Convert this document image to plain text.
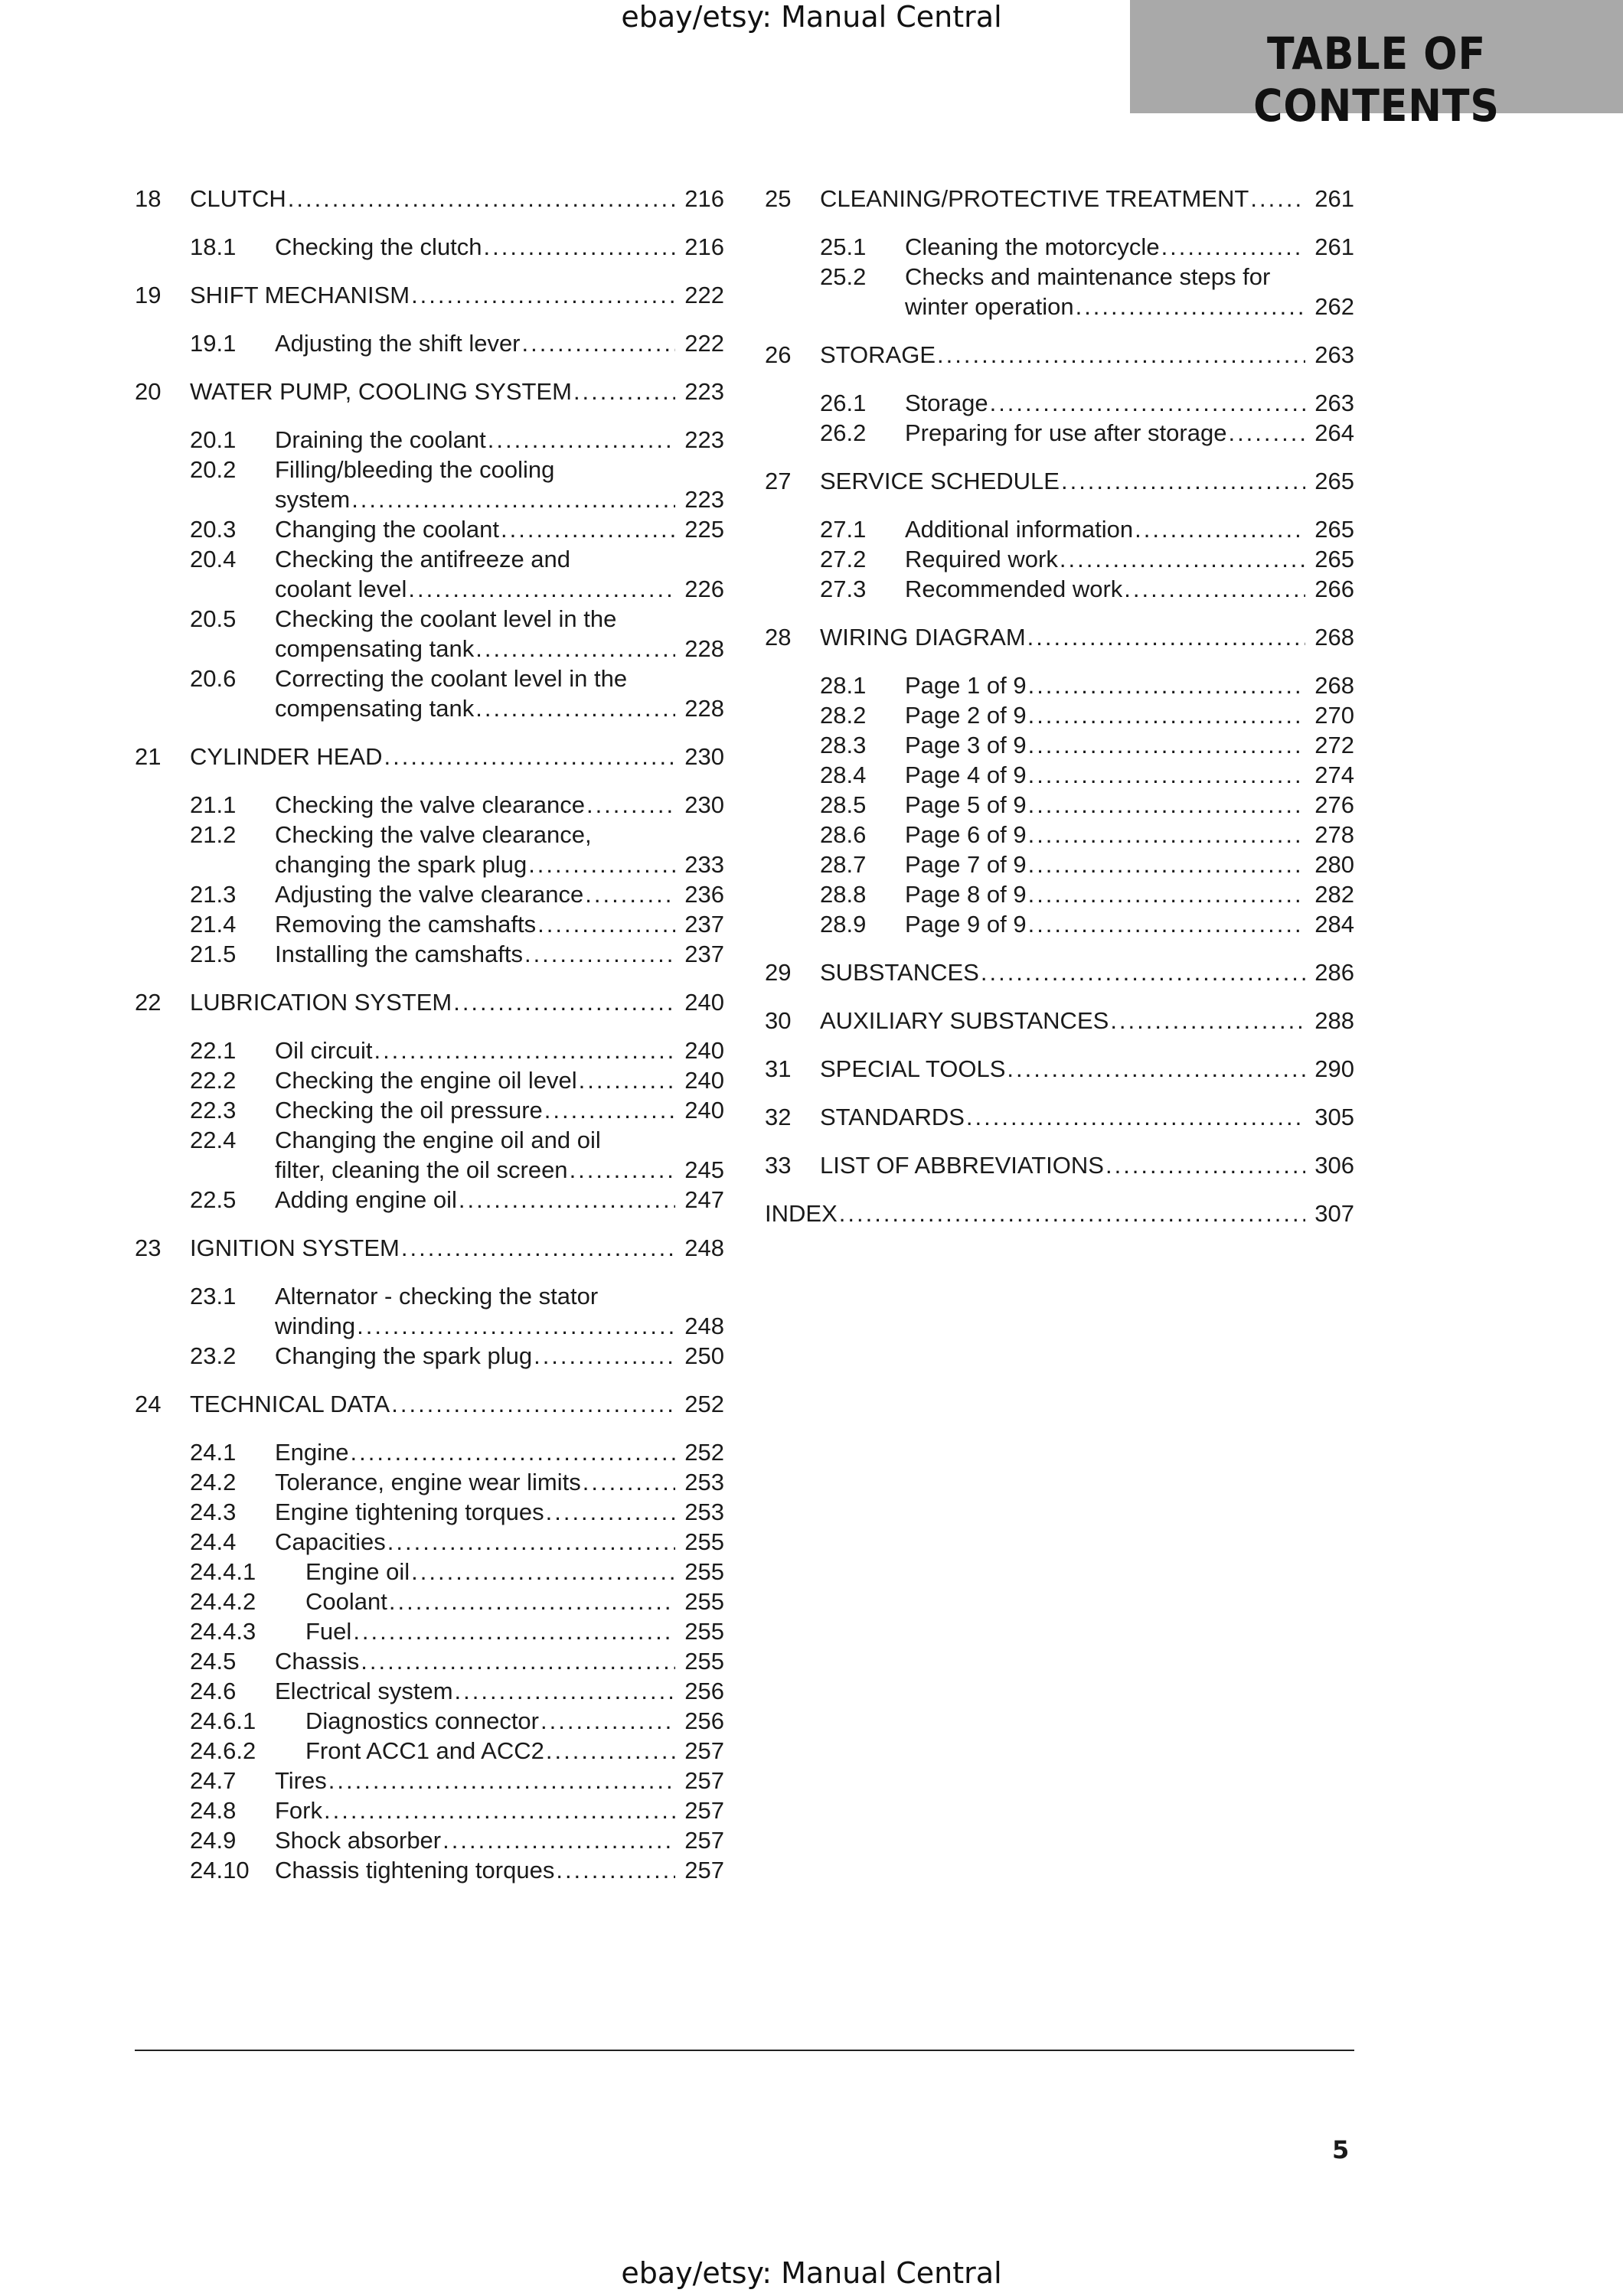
ebay/etsy: Manual Central
TABLE OF CONTENTS
18 CLUTCH .....	216
18.1 Checking the clutch .....	216
19 SHIFT MECHANISM .....	222
19.1 Adjusting the shift lever .....	222
20 WATER PUMP, COOLING SYSTEM .....	223
20.1 Draining the coolant .....	223
20.2 Filling/bleeding the cooling
system .....	223
20.3 Changing the coolant .....	225
20.4 Checking the antifreeze and
coolant level .....	226
20.5 Checking the coolant level in the
compensating tank .....	228
20.6 Correcting the coolant level in the
compensating tank .....	228
21 CYLINDER HEAD .....	230
21.1 Checking the valve clearance .....	230
21.2 Checking the valve clearance,
changing the spark plug .....	233
21.3 Adjusting the valve clearance .....	236
21.4 Removing the camshafts .....	237
21.5 Installing the camshafts .....	237
22 LUBRICATION SYSTEM .....	240
22.1 Oil circuit .....	240
22.2 Checking the engine oil level .....	240
22.3 Checking the oil pressure .....	240
22.4 Changing the engine oil and oil
filter, cleaning the oil screen .....	245
22.5 Adding engine oil .....	247
23 IGNITION SYSTEM .....	248
23.1 Alternator - checking the stator
winding .....	248
23.2 Changing the spark plug .....	250
24 TECHNICAL DATA .....	252
24.1 Engine .....	252
24.2 Tolerance, engine wear limits .....	253
24.3 Engine tightening torques .....	253
24.4 Capacities .....	255
24.4.1 Engine oil .....	255
24.4.2 Coolant .....	255
24.4.3 Fuel .....	255
24.5 Chassis .....	255
24.6 Electrical system .....	256
24.6.1 Diagnostics connector .....	256
24.6.2 Front ACC1 and ACC2 .....	257
24.7 Tires .....	257
24.8 Fork .....	257
24.9 Shock absorber .....	257
24.10 Chassis tightening torques .....	257
25 CLEANING/PROTECTIVE TREATMENT .....	261
25.1 Cleaning the motorcycle .....	261
25.2 Checks and maintenance steps for
winter operation .....	262
26 STORAGE .....	263
26.1 Storage .....	263
26.2 Preparing for use after storage .....	264
27 SERVICE SCHEDULE .....	265
27.1 Additional information .....	265
27.2 Required work .....	265
27.3 Recommended work .....	266
28 WIRING DIAGRAM .....	268
28.1 Page 1 of 9 .....	268
28.2 Page 2 of 9 .....	270
28.3 Page 3 of 9 .....	272
28.4 Page 4 of 9 .....	274
28.5 Page 5 of 9 .....	276
28.6 Page 6 of 9 .....	278
28.7 Page 7 of 9 .....	280
28.8 Page 8 of 9 .....	282
28.9 Page 9 of 9 .....	284
29 SUBSTANCES .....	286
30 AUXILIARY SUBSTANCES .....	288
31 SPECIAL TOOLS .....	290
32 STANDARDS .....	305
33 LIST OF ABBREVIATIONS .....	306
INDEX .....	307
5
ebay/etsy: Manual Central
